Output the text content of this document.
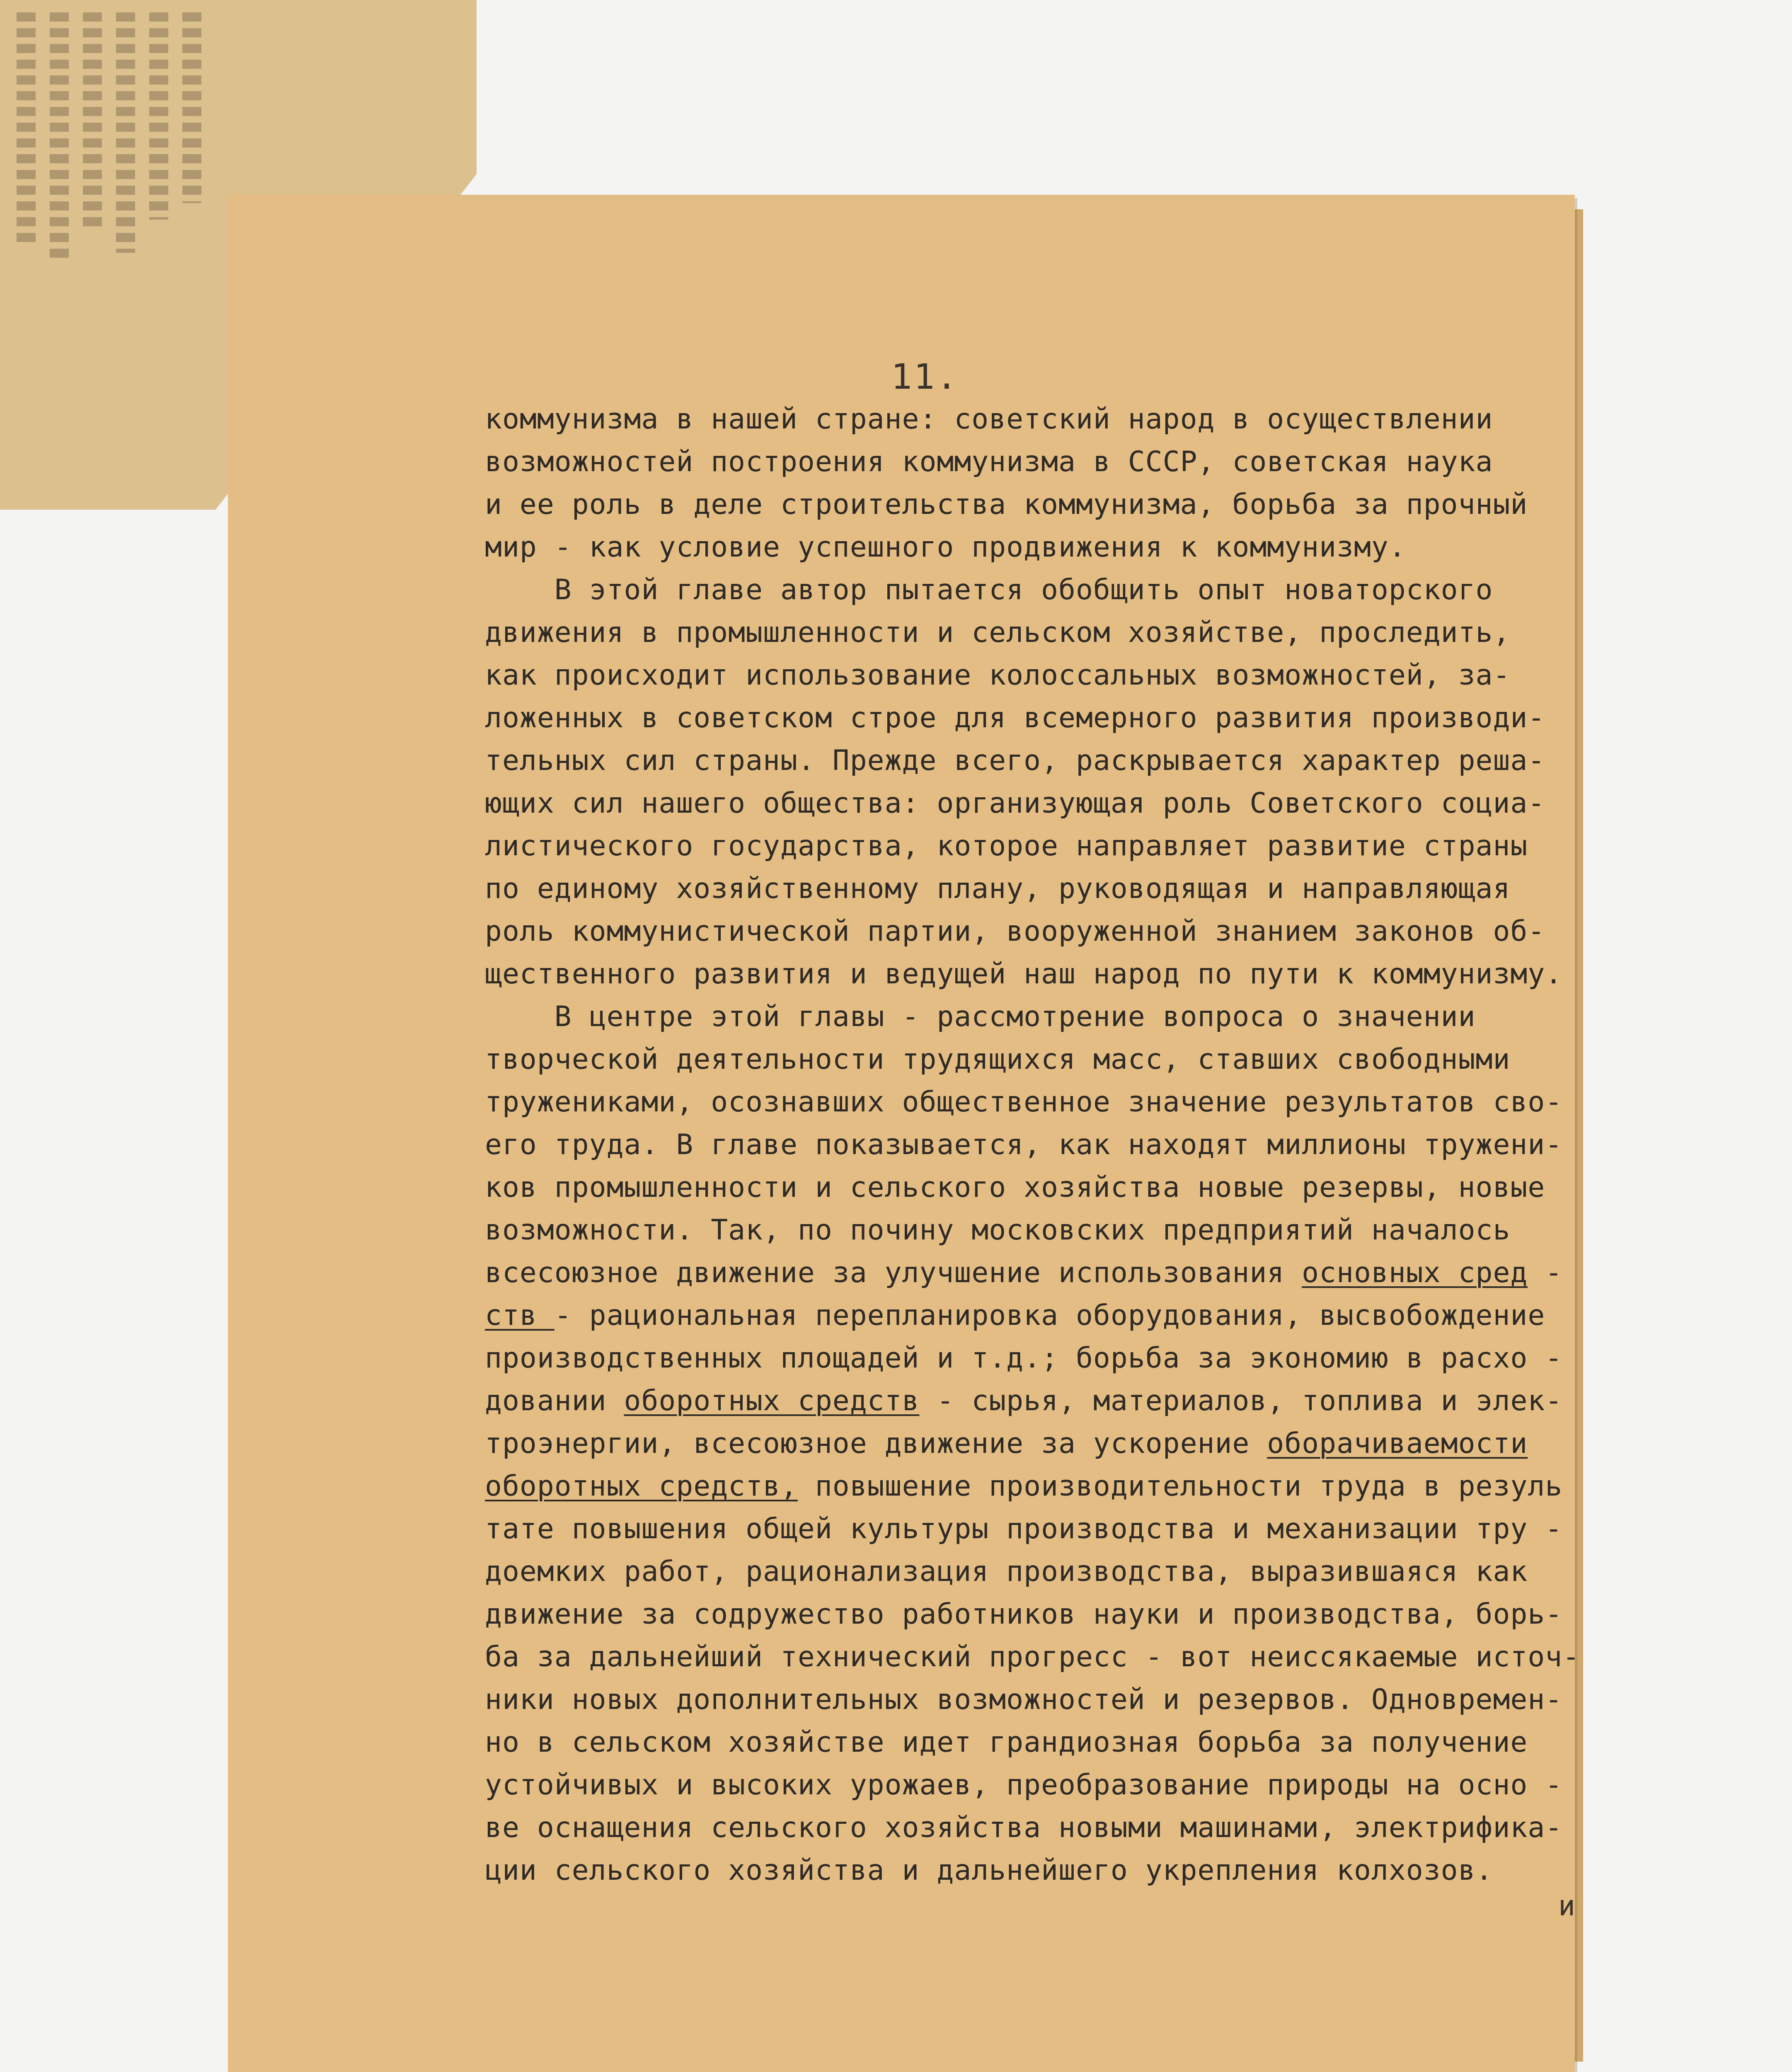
11.
коммунизма в нашей стране: советский народ в осуществлении
возможностей построения коммунизма в СССР, советская наука
и ее роль в деле строительства коммунизма, борьба за прочный
мир - как условие успешного продвижения к коммунизму.
В этой главе автор пытается обобщить опыт новаторского
движения в промышленности и сельском хозяйстве, проследить,
как происходит использование колоссальных возможностей, за-
ложенных в советском строе для всемерного развития производи-
тельных сил страны. Прежде всего, раскрывается характер реша-
ющих сил нашего общества: организующая роль Советского социа-
листического государства, которое направляет развитие страны
по единому хозяйственному плану, руководящая и направляющая
роль коммунистической партии, вооруженной знанием законов об-
щественного развития и ведущей наш народ по пути к коммунизму.
В центре этой главы - рассмотрение вопроса о значении
творческой деятельности трудящихся масс, ставших свободными
тружениками, осознавших общественное значение результатов сво-
его труда. В главе показывается, как находят миллионы тружени-
ков промышленности и сельского хозяйства новые резервы, новые
возможности. Так, по почину московских предприятий началось
всесоюзное движение за улучшение использования основных сред -
ств - рациональная перепланировка оборудования, высвобождение
производственных площадей и т.д.; борьба за экономию в расхо -
довании оборотных средств - сырья, материалов, топлива и элек-
троэнергии, всесоюзное движение за ускорение оборачиваемости
оборотных средств, повышение производительности труда в резуль
тате повышения общей культуры производства и механизации тру -
доемких работ, рационализация производства, выразившаяся как
движение за содружество работников науки и производства, борь-
ба за дальнейший технический прогресс - вот неиссякаемые источ-
ники новых дополнительных возможностей и резервов. Одновремен-
но в сельском хозяйстве идет грандиозная борьба за получение
устойчивых и высоких урожаев, преобразование природы на осно -
ве оснащения сельского хозяйства новыми машинами, электрифика-
ции сельского хозяйства и дальнейшего укрепления колхозов.
и
